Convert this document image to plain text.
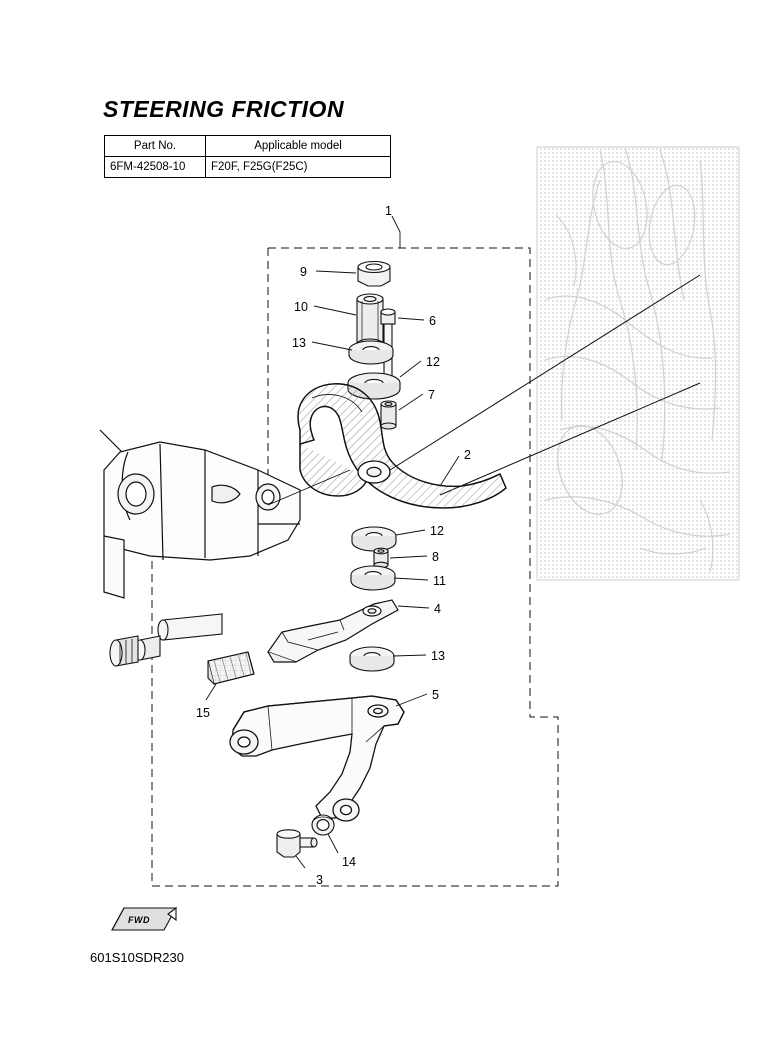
STEERING FRICTION
Part No.	Applicable model
6FM-42508-10	F20F, F25G(F25C)
1
9
10
6
13
12
7
2
12
8
11
4
13
5
15
14
3
FWD
601S10SDR230
